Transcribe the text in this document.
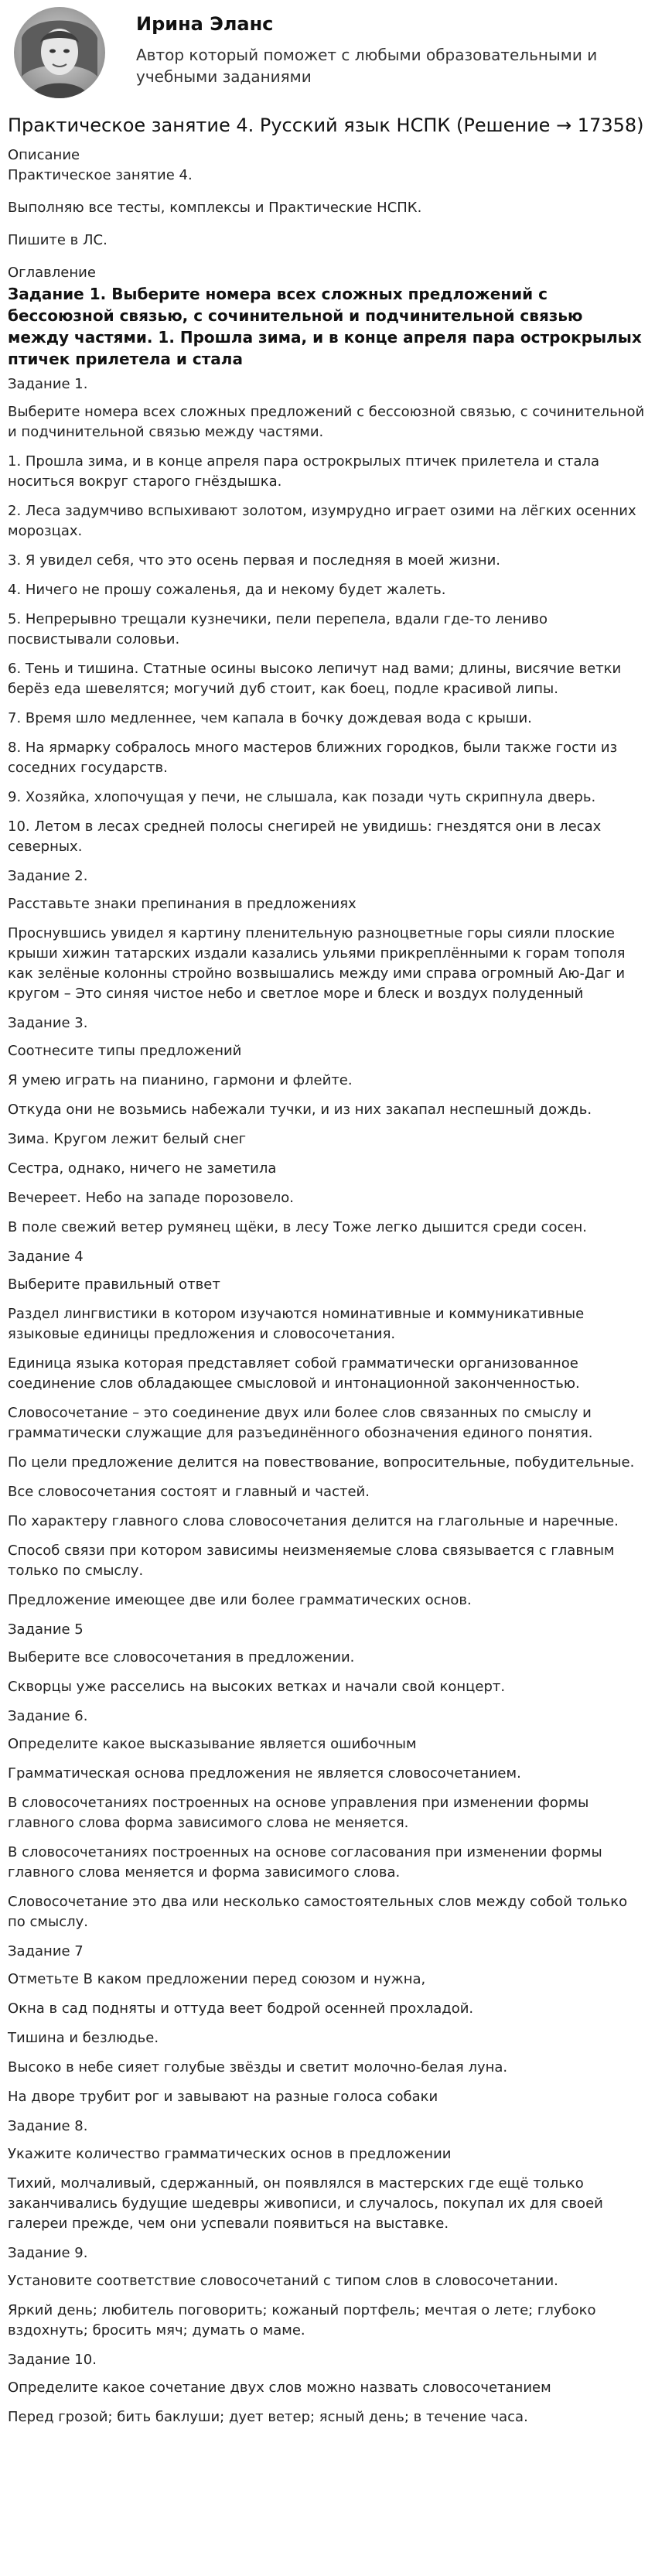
Ирина Эланс
Автор который поможет с любыми образовательными и учебными заданиями
Практическое занятие 4. Русский язык НСПК (Решение → 17358)
Описание
Практическое занятие 4.
Выполняю все тесты, комплексы и Практические НСПК.
Пишите в ЛС.
Оглавление
Задание 1. Выберите номера всех сложных предложений с бессоюзной связью, с сочинительной и подчинительной связью между частями. 1. Прошла зима, и в конце апреля пара острокрылых птичек прилетела и стала
Задание 1.
Выберите номера всех сложных предложений с бессоюзной связью, с сочинительной и подчинительной связью между частями.
1. Прошла зима, и в конце апреля пара острокрылых птичек прилетела и стала носиться вокруг старого гнёздышка.
2. Леса задумчиво вспыхивают золотом, изумрудно играет озими на лёгких осенних морозцах.
3. Я увидел себя, что это осень первая и последняя в моей жизни.
4. Ничего не прошу сожаленья, да и некому будет жалеть.
5. Непрерывно трещали кузнечики, пели перепела, вдали где-то лениво посвистывали соловьи.
6. Тень и тишина. Статные осины высоко лепичут над вами; длины, висячие ветки берёз еда шевелятся; могучий дуб стоит, как боец, подле красивой липы.
7. Время шло медленнее, чем капала в бочку дождевая вода с крыши.
8. На ярмарку собралось много мастеров ближних городков, были также гости из соседних государств.
9. Хозяйка, хлопочущая у печи, не слышала, как позади чуть скрипнула дверь.
10. Летом в лесах средней полосы снегирей не увидишь: гнездятся они в лесах северных.
Задание 2.
Расставьте знаки препинания в предложениях
Проснувшись увидел я картину пленительную разноцветные горы сияли плоские крыши хижин татарских издали казались ульями прикреплёнными к горам тополя как зелёные колонны стройно возвышались между ими справа огромный Аю-Даг и кругом – Это синяя чистое небо и светлое море и блеск и воздух полуденный
Задание 3.
Соотнесите типы предложений
Я умею играть на пианино, гармони и флейте.
Откуда они не возьмись набежали тучки, и из них закапал неспешный дождь.
Зима. Кругом лежит белый снег
Сестра, однако, ничего не заметила
Вечереет. Небо на западе порозовело.
В поле свежий ветер румянец щёки, в лесу Тоже легко дышится среди сосен.
Задание 4
Выберите правильный ответ
Раздел лингвистики в котором изучаются номинативные и коммуникативные языковые единицы предложения и словосочетания.
Единица языка которая представляет собой грамматически организованное соединение слов обладающее смысловой и интонационной законченностью.
Словосочетание – это соединение двух или более слов связанных по смыслу и грамматически служащие для разъединённого обозначения единого понятия.
По цели предложение делится на повествование, вопросительные, побудительные.
Все словосочетания состоят и главный и частей.
По характеру главного слова словосочетания делится на глагольные и наречные.
Способ связи при котором зависимы неизменяемые слова связывается с главным только по смыслу.
Предложение имеющее две или более грамматических основ.
Задание 5
Выберите все словосочетания в предложении.
Скворцы уже расселись на высоких ветках и начали свой концерт.
Задание 6.
Определите какое высказывание является ошибочным
Грамматическая основа предложения не является словосочетанием.
В словосочетаниях построенных на основе управления при изменении формы главного слова форма зависимого слова не меняется.
В словосочетаниях построенных на основе согласования при изменении формы главного слова меняется и форма зависимого слова.
Словосочетание это два или несколько самостоятельных слов между собой только по смыслу.
Задание 7
Отметьте В каком предложении перед союзом и нужна,
Окна в сад подняты и оттуда веет бодрой осенней прохладой.
Тишина и безлюдье.
Высоко в небе сияет голубые звёзды и светит молочно-белая луна.
На дворе трубит рог и завывают на разные голоса собаки
Задание 8.
Укажите количество грамматических основ в предложении
Тихий, молчаливый, сдержанный, он появлялся в мастерских где ещё только заканчивались будущие шедевры живописи, и случалось, покупал их для своей галереи прежде, чем они успевали появиться на выставке.
Задание 9.
Установите соответствие словосочетаний с типом слов в словосочетании.
Яркий день; любитель поговорить; кожаный портфель; мечтая о лете; глубоко вздохнуть; бросить мяч; думать о маме.
Задание 10.
Определите какое сочетание двух слов можно назвать словосочетанием
Перед грозой; бить баклуши; дует ветер; ясный день; в течение часа.
